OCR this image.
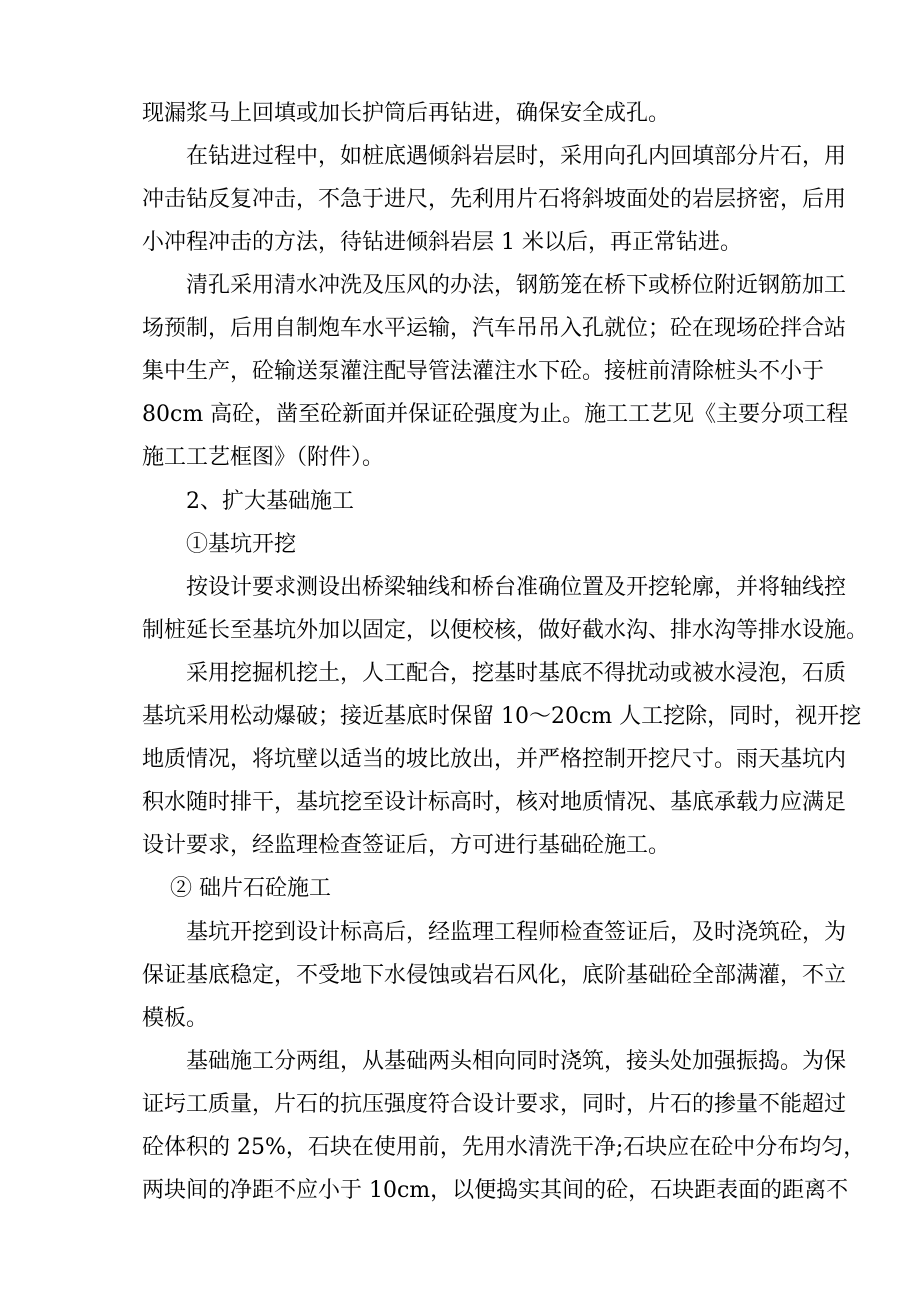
现漏浆马上回填或加长护筒后再钻进，确保安全成孔。
在钻进过程中，如桩底遇倾斜岩层时，采用向孔内回填部分片石，用
冲击钻反复冲击，不急于进尺，先利用片石将斜坡面处的岩层挤密，后用
小冲程冲击的方法，待钻进倾斜岩层 1 米以后，再正常钻进。
清孔采用清水冲洗及压风的办法，钢筋笼在桥下或桥位附近钢筋加工
场预制，后用自制炮车水平运输，汽车吊吊入孔就位；砼在现场砼拌合站
集中生产，砼输送泵灌注配导管法灌注水下砼。接桩前清除桩头不小于
80cm 高砼，凿至砼新面并保证砼强度为止。施工工艺见《主要分项工程
施工工艺框图》（附件）。
2、扩大基础施工
①基坑开挖
按设计要求测设出桥梁轴线和桥台准确位置及开挖轮廓，并将轴线控
制桩延长至基坑外加以固定，以便校核，做好截水沟、排水沟等排水设施。
采用挖掘机挖土，人工配合，挖基时基底不得扰动或被水浸泡，石质
基坑采用松动爆破；接近基底时保留 10～20cm 人工挖除，同时，视开挖
地质情况，将坑壁以适当的坡比放出，并严格控制开挖尺寸。雨天基坑内
积水随时排干，基坑挖至设计标高时，核对地质情况、基底承载力应满足
设计要求，经监理检查签证后，方可进行基础砼施工。
② 础片石砼施工
基坑开挖到设计标高后，经监理工程师检查签证后，及时浇筑砼，为
保证基底稳定，不受地下水侵蚀或岩石风化，底阶基础砼全部满灌，不立
模板。
基础施工分两组，从基础两头相向同时浇筑，接头处加强振捣。为保
证圬工质量，片石的抗压强度符合设计要求，同时，片石的掺量不能超过
砼体积的 25%，石块在使用前，先用水清洗干净;石块应在砼中分布均匀，
两块间的净距不应小于 10cm，以便捣实其间的砼，石块距表面的距离不
